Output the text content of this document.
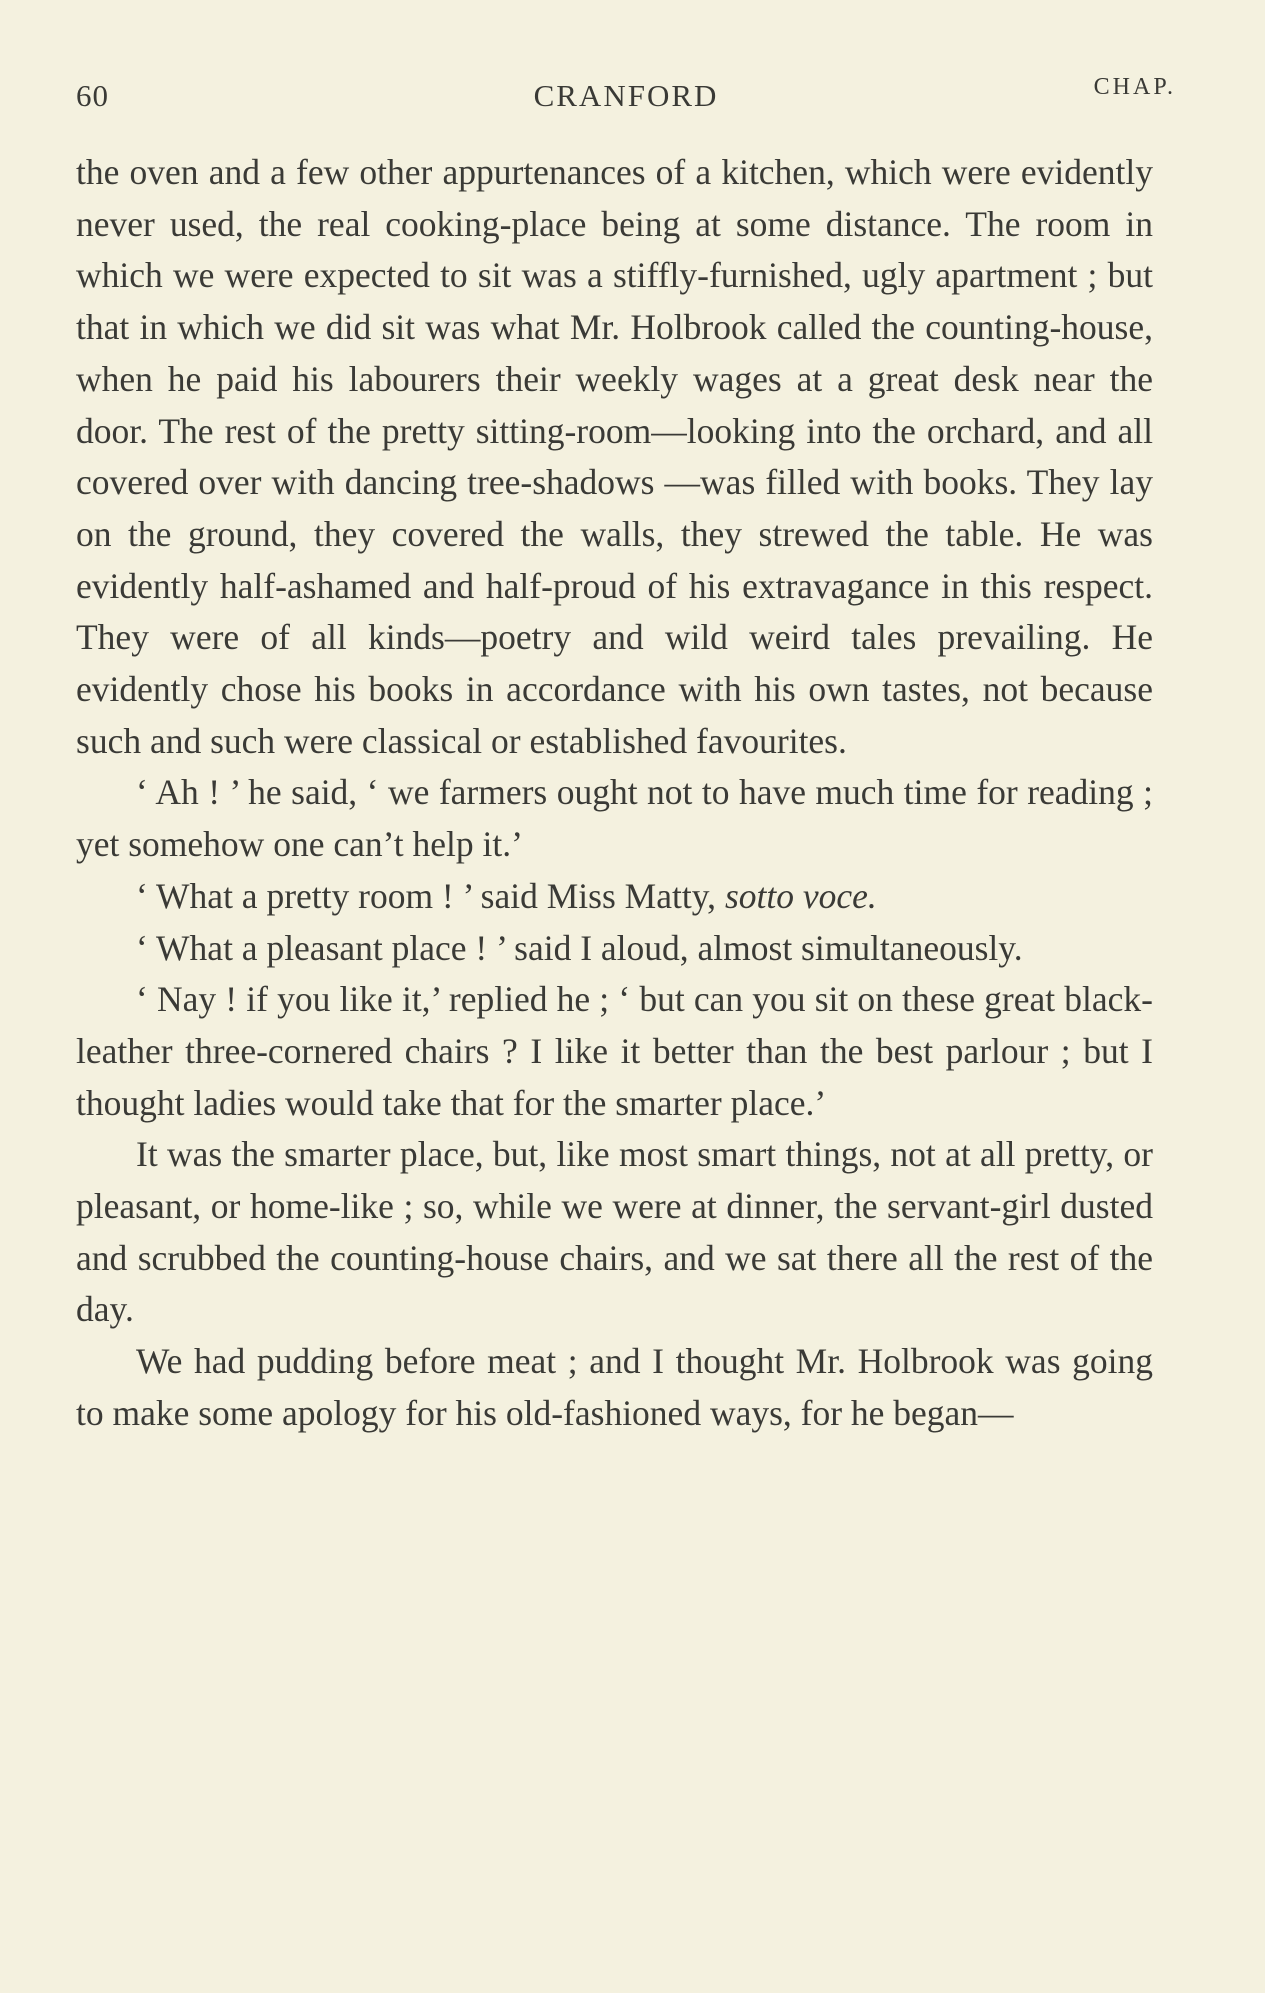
60	CRANFORD	CHAP.

the oven and a few other appurtenances of a kitchen, which were evidently never used, the real cooking-place being at some distance. The room in which we were expected to sit was a stiffly-furnished, ugly apartment ; but that in which we did sit was what Mr. Holbrook called the counting-house, when he paid his labourers their weekly wages at a great desk near the door. The rest of the pretty sitting-room—looking into the orchard, and all covered over with dancing tree-shadows —was filled with books. They lay on the ground, they covered the walls, they strewed the table. He was evidently half-ashamed and half-proud of his extravagance in this respect. They were of all kinds—poetry and wild weird tales prevailing. He evidently chose his books in accordance with his own tastes, not because such and such were classical or established favourites.

‘ Ah ! ’ he said, ‘ we farmers ought not to have much time for reading ; yet somehow one can’t help it.’

‘ What a pretty room ! ’ said Miss Matty, sotto voce.

‘ What a pleasant place ! ’ said I aloud, almost simultaneously.

‘ Nay ! if you like it,’ replied he ; ‘ but can you sit on these great black-leather three-cornered chairs ? I like it better than the best parlour ; but I thought ladies would take that for the smarter place.’

It was the smarter place, but, like most smart things, not at all pretty, or pleasant, or home-like ; so, while we were at dinner, the servant-girl dusted and scrubbed the counting-house chairs, and we sat there all the rest of the day.

We had pudding before meat ; and I thought Mr. Holbrook was going to make some apology for his old-fashioned ways, for he began—
